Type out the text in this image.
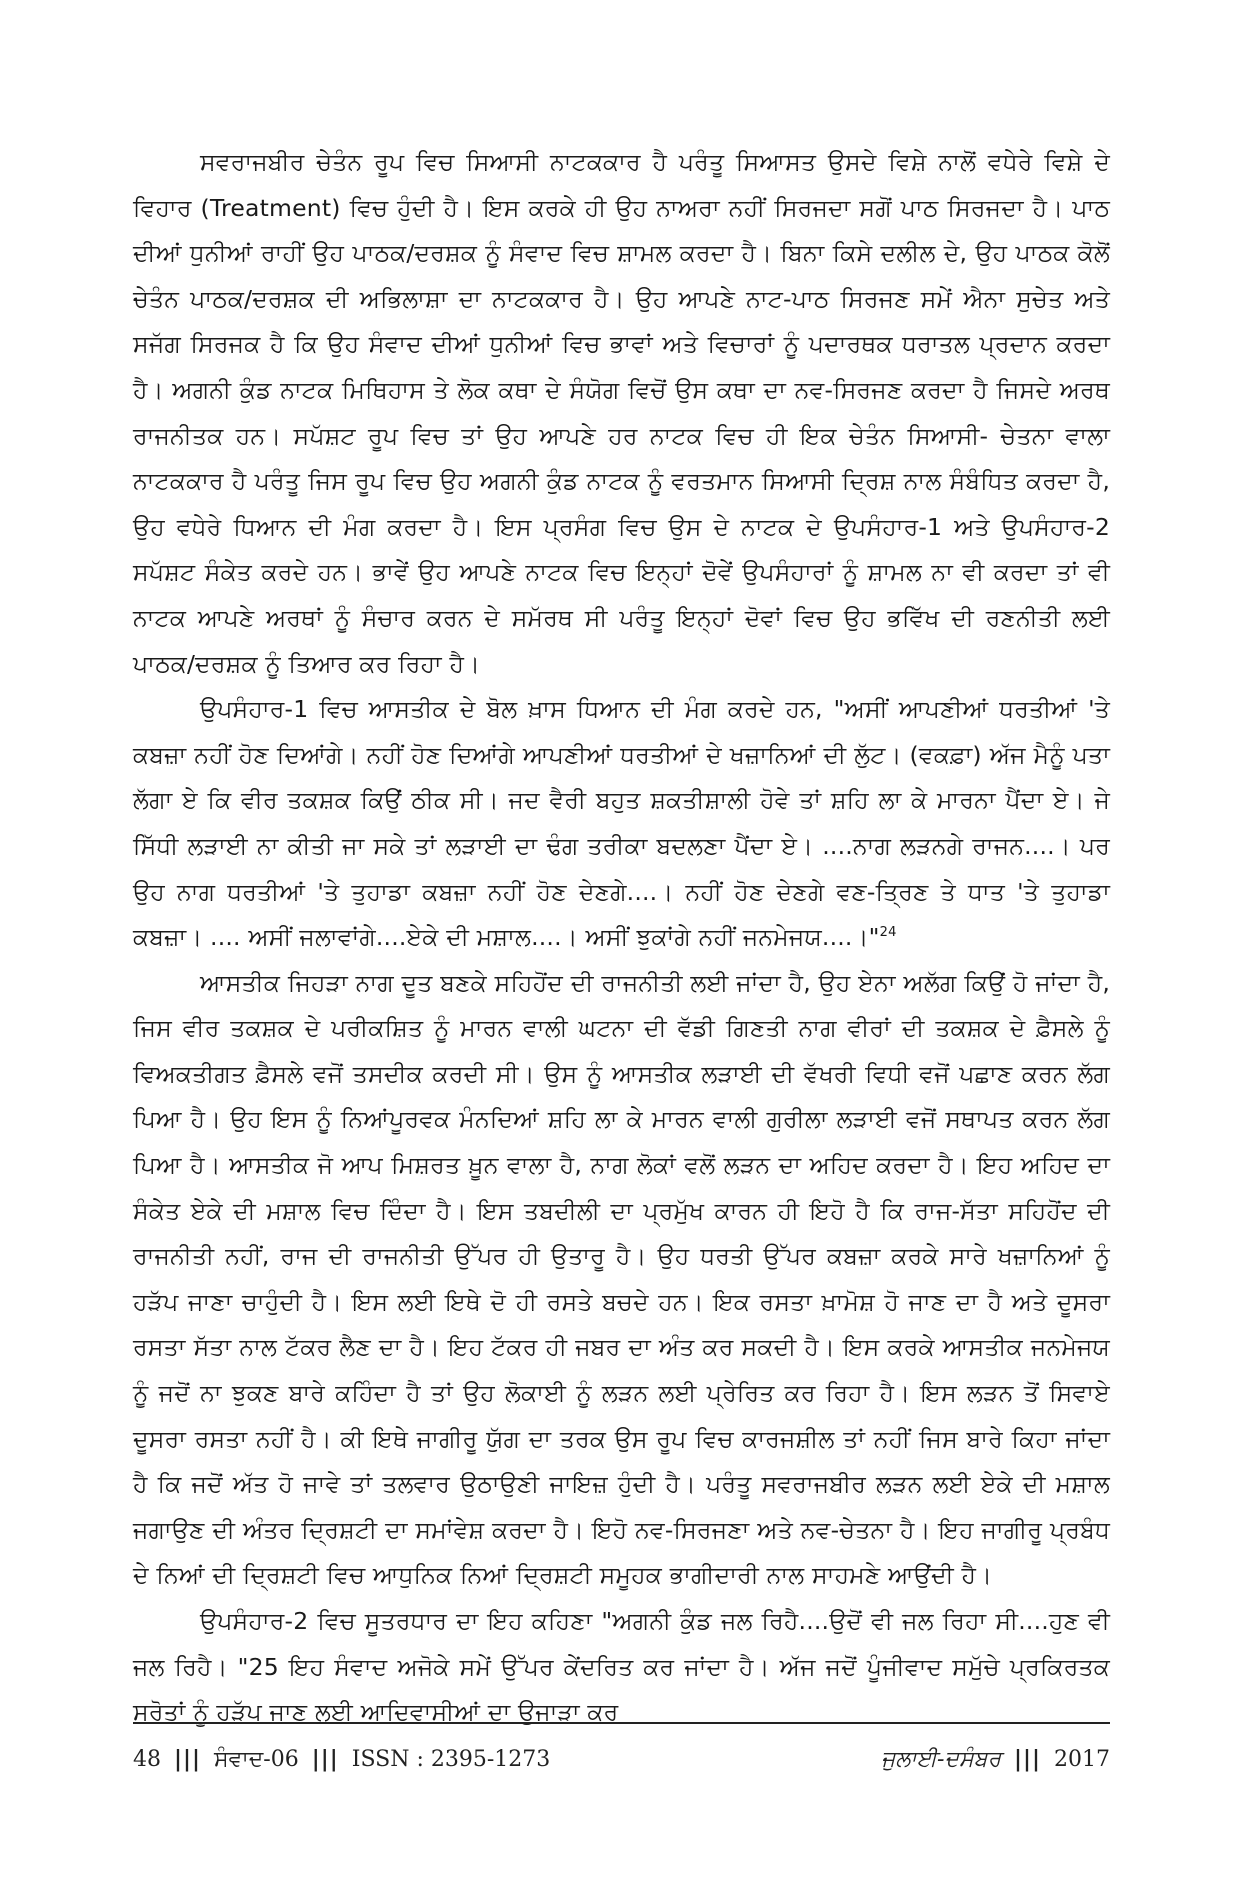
ਸਵਰਾਜਬੀਰ ਚੇਤੰਨ ਰੂਪ ਵਿਚ ਸਿਆਸੀ ਨਾਟਕਕਾਰ ਹੈ ਪਰੰਤੂ ਸਿਆਸਤ ਉਸਦੇ ਵਿਸ਼ੇ ਨਾਲੋਂ ਵਧੇਰੇ ਵਿਸ਼ੇ ਦੇ ਵਿਹਾਰ (Treatment) ਵਿਚ ਹੁੰਦੀ ਹੈ। ਇਸ ਕਰਕੇ ਹੀ ਉਹ ਨਾਅਰਾ ਨਹੀਂ ਸਿਰਜਦਾ ਸਗੋਂ ਪਾਠ ਸਿਰਜਦਾ ਹੈ। ਪਾਠ ਦੀਆਂ ਧੁਨੀਆਂ ਰਾਹੀਂ ਉਹ ਪਾਠਕ/ਦਰਸ਼ਕ ਨੂੰ ਸੰਵਾਦ ਵਿਚ ਸ਼ਾਮਲ ਕਰਦਾ ਹੈ। ਬਿਨਾ ਕਿਸੇ ਦਲੀਲ ਦੇ, ਉਹ ਪਾਠਕ ਕੋਲੋਂ ਚੇਤੰਨ ਪਾਠਕ/ਦਰਸ਼ਕ ਦੀ ਅਭਿਲਾਸ਼ਾ ਦਾ ਨਾਟਕਕਾਰ ਹੈ। ਉਹ ਆਪਣੇ ਨਾਟ-ਪਾਠ ਸਿਰਜਣ ਸਮੇਂ ਐਨਾ ਸੁਚੇਤ ਅਤੇ ਸਜੱਗ ਸਿਰਜਕ ਹੈ ਕਿ ਉਹ ਸੰਵਾਦ ਦੀਆਂ ਧੁਨੀਆਂ ਵਿਚ ਭਾਵਾਂ ਅਤੇ ਵਿਚਾਰਾਂ ਨੂੰ ਪਦਾਰਥਕ ਧਰਾਤਲ ਪ੍ਰਦਾਨ ਕਰਦਾ ਹੈ। ਅਗਨੀ ਕੁੰਡ ਨਾਟਕ ਮਿਥਿਹਾਸ ਤੇ ਲੋਕ ਕਥਾ ਦੇ ਸੰਯੋਗ ਵਿਚੋਂ ਉਸ ਕਥਾ ਦਾ ਨਵ-ਸਿਰਜਣ ਕਰਦਾ ਹੈ ਜਿਸਦੇ ਅਰਥ ਰਾਜਨੀਤਕ ਹਨ। ਸਪੱਸ਼ਟ ਰੂਪ ਵਿਚ ਤਾਂ ਉਹ ਆਪਣੇ ਹਰ ਨਾਟਕ ਵਿਚ ਹੀ ਇਕ ਚੇਤੰਨ ਸਿਆਸੀ- ਚੇਤਨਾ ਵਾਲਾ ਨਾਟਕਕਾਰ ਹੈ ਪਰੰਤੂ ਜਿਸ ਰੂਪ ਵਿਚ ਉਹ ਅਗਨੀ ਕੁੰਡ ਨਾਟਕ ਨੂੰ ਵਰਤਮਾਨ ਸਿਆਸੀ ਦ੍ਰਿਸ਼ ਨਾਲ ਸੰਬੰਧਿਤ ਕਰਦਾ ਹੈ, ਉਹ ਵਧੇਰੇ ਧਿਆਨ ਦੀ ਮੰਗ ਕਰਦਾ ਹੈ। ਇਸ ਪ੍ਰਸੰਗ ਵਿਚ ਉਸ ਦੇ ਨਾਟਕ ਦੇ ਉਪਸੰਹਾਰ-1 ਅਤੇ ਉਪਸੰਹਾਰ-2 ਸਪੱਸ਼ਟ ਸੰਕੇਤ ਕਰਦੇ ਹਨ। ਭਾਵੇਂ ਉਹ ਆਪਣੇ ਨਾਟਕ ਵਿਚ ਇਨ੍ਹਾਂ ਦੋਵੇਂ ਉਪਸੰਹਾਰਾਂ ਨੂੰ ਸ਼ਾਮਲ ਨਾ ਵੀ ਕਰਦਾ ਤਾਂ ਵੀ ਨਾਟਕ ਆਪਣੇ ਅਰਥਾਂ ਨੂੰ ਸੰਚਾਰ ਕਰਨ ਦੇ ਸਮੱਰਥ ਸੀ ਪਰੰਤੂ ਇਨ੍ਹਾਂ ਦੋਵਾਂ ਵਿਚ ਉਹ ਭਵਿੱਖ ਦੀ ਰਣਨੀਤੀ ਲਈ ਪਾਠਕ/ਦਰਸ਼ਕ ਨੂੰ ਤਿਆਰ ਕਰ ਰਿਹਾ ਹੈ।

ਉਪਸੰਹਾਰ-1 ਵਿਚ ਆਸਤੀਕ ਦੇ ਬੋਲ ਖ਼ਾਸ ਧਿਆਨ ਦੀ ਮੰਗ ਕਰਦੇ ਹਨ, "ਅਸੀਂ ਆਪਣੀਆਂ ਧਰਤੀਆਂ 'ਤੇ ਕਬਜ਼ਾ ਨਹੀਂ ਹੋਣ ਦਿਆਂਗੇ। ਨਹੀਂ ਹੋਣ ਦਿਆਂਗੇ ਆਪਣੀਆਂ ਧਰਤੀਆਂ ਦੇ ਖਜ਼ਾਨਿਆਂ ਦੀ ਲੁੱਟ। (ਵਕਫ਼ਾ) ਅੱਜ ਮੈਨੂੰ ਪਤਾ ਲੱਗਾ ਏ ਕਿ ਵੀਰ ਤਕਸ਼ਕ ਕਿਉਂ ਠੀਕ ਸੀ। ਜਦ ਵੈਰੀ ਬਹੁਤ ਸ਼ਕਤੀਸ਼ਾਲੀ ਹੋਵੇ ਤਾਂ ਸ਼ਹਿ ਲਾ ਕੇ ਮਾਰਨਾ ਪੈਂਦਾ ਏ। ਜੇ ਸਿੱਧੀ ਲੜਾਈ ਨਾ ਕੀਤੀ ਜਾ ਸਕੇ ਤਾਂ ਲੜਾਈ ਦਾ ਢੰਗ ਤਰੀਕਾ ਬਦਲਣਾ ਪੈਂਦਾ ਏ। ....ਨਾਗ ਲੜਨਗੇ ਰਾਜਨ....। ਪਰ ਉਹ ਨਾਗ ਧਰਤੀਆਂ 'ਤੇ ਤੁਹਾਡਾ ਕਬਜ਼ਾ ਨਹੀਂ ਹੋਣ ਦੇਣਗੇ....। ਨਹੀਂ ਹੋਣ ਦੇਣਗੇ ਵਣ-ਤ੍ਰਿਣ ਤੇ ਧਾਤ 'ਤੇ ਤੁਹਾਡਾ ਕਬਜ਼ਾ। .... ਅਸੀਂ ਜਲਾਵਾਂਗੇ....ਏਕੇ ਦੀ ਮਸ਼ਾਲ....। ਅਸੀਂ ਝੁਕਾਂਗੇ ਨਹੀਂ ਜਨਮੇਜਯ....।"$^{24}$

ਆਸਤੀਕ ਜਿਹੜਾ ਨਾਗ ਦੂਤ ਬਣਕੇ ਸਹਿਹੋਂਦ ਦੀ ਰਾਜਨੀਤੀ ਲਈ ਜਾਂਦਾ ਹੈ, ਉਹ ਏਨਾ ਅਲੱਗ ਕਿਉਂ ਹੋ ਜਾਂਦਾ ਹੈ, ਜਿਸ ਵੀਰ ਤਕਸ਼ਕ ਦੇ ਪਰੀਕਸ਼ਿਤ ਨੂੰ ਮਾਰਨ ਵਾਲੀ ਘਟਨਾ ਦੀ ਵੱਡੀ ਗਿਣਤੀ ਨਾਗ ਵੀਰਾਂ ਦੀ ਤਕਸ਼ਕ ਦੇ ਫ਼ੈਸਲੇ ਨੂੰ ਵਿਅਕਤੀਗਤ ਫ਼ੈਸਲੇ ਵਜੋਂ ਤਸਦੀਕ ਕਰਦੀ ਸੀ। ਉਸ ਨੂੰ ਆਸਤੀਕ ਲੜਾਈ ਦੀ ਵੱਖਰੀ ਵਿਧੀ ਵਜੋਂ ਪਛਾਣ ਕਰਨ ਲੱਗ ਪਿਆ ਹੈ। ਉਹ ਇਸ ਨੂੰ ਨਿਆਂਪੂਰਵਕ ਮੰਨਦਿਆਂ ਸ਼ਹਿ ਲਾ ਕੇ ਮਾਰਨ ਵਾਲੀ ਗੁਰੀਲਾ ਲੜਾਈ ਵਜੋਂ ਸਥਾਪਤ ਕਰਨ ਲੱਗ ਪਿਆ ਹੈ। ਆਸਤੀਕ ਜੋ ਆਪ ਮਿਸ਼ਰਤ ਖ਼ੂਨ ਵਾਲਾ ਹੈ, ਨਾਗ ਲੋਕਾਂ ਵਲੋਂ ਲੜਨ ਦਾ ਅਹਿਦ ਕਰਦਾ ਹੈ। ਇਹ ਅਹਿਦ ਦਾ ਸੰਕੇਤ ਏਕੇ ਦੀ ਮਸ਼ਾਲ ਵਿਚ ਦਿੰਦਾ ਹੈ। ਇਸ ਤਬਦੀਲੀ ਦਾ ਪ੍ਰਮੁੱਖ ਕਾਰਨ ਹੀ ਇਹੋ ਹੈ ਕਿ ਰਾਜ-ਸੱਤਾ ਸਹਿਹੋਂਦ ਦੀ ਰਾਜਨੀਤੀ ਨਹੀਂ, ਰਾਜ ਦੀ ਰਾਜਨੀਤੀ ਉੱਪਰ ਹੀ ਉਤਾਰੂ ਹੈ। ਉਹ ਧਰਤੀ ਉੱਪਰ ਕਬਜ਼ਾ ਕਰਕੇ ਸਾਰੇ ਖਜ਼ਾਨਿਆਂ ਨੂੰ ਹੜੱਪ ਜਾਣਾ ਚਾਹੁੰਦੀ ਹੈ। ਇਸ ਲਈ ਇਥੇ ਦੋ ਹੀ ਰਸਤੇ ਬਚਦੇ ਹਨ। ਇਕ ਰਸਤਾ ਖ਼ਾਮੋਸ਼ ਹੋ ਜਾਣ ਦਾ ਹੈ ਅਤੇ ਦੂਸਰਾ ਰਸਤਾ ਸੱਤਾ ਨਾਲ ਟੱਕਰ ਲੈਣ ਦਾ ਹੈ। ਇਹ ਟੱਕਰ ਹੀ ਜਬਰ ਦਾ ਅੰਤ ਕਰ ਸਕਦੀ ਹੈ। ਇਸ ਕਰਕੇ ਆਸਤੀਕ ਜਨਮੇਜਯ ਨੂੰ ਜਦੋਂ ਨਾ ਝੁਕਣ ਬਾਰੇ ਕਹਿੰਦਾ ਹੈ ਤਾਂ ਉਹ ਲੋਕਾਈ ਨੂੰ ਲੜਨ ਲਈ ਪ੍ਰੇਰਿਤ ਕਰ ਰਿਹਾ ਹੈ। ਇਸ ਲੜਨ ਤੋਂ ਸਿਵਾਏ ਦੂਸਰਾ ਰਸਤਾ ਨਹੀਂ ਹੈ। ਕੀ ਇਥੇ ਜਾਗੀਰੂ ਯੁੱਗ ਦਾ ਤਰਕ ਉਸ ਰੂਪ ਵਿਚ ਕਾਰਜਸ਼ੀਲ ਤਾਂ ਨਹੀਂ ਜਿਸ ਬਾਰੇ ਕਿਹਾ ਜਾਂਦਾ ਹੈ ਕਿ ਜਦੋਂ ਅੱਤ ਹੋ ਜਾਵੇ ਤਾਂ ਤਲਵਾਰ ਉਠਾਉਣੀ ਜਾਇਜ਼ ਹੁੰਦੀ ਹੈ। ਪਰੰਤੂ ਸਵਰਾਜਬੀਰ ਲੜਨ ਲਈ ਏਕੇ ਦੀ ਮਸ਼ਾਲ ਜਗਾਉਣ ਦੀ ਅੰਤਰ ਦ੍ਰਿਸ਼ਟੀ ਦਾ ਸਮਾਂਵੇਸ਼ ਕਰਦਾ ਹੈ। ਇਹੋ ਨਵ-ਸਿਰਜਣਾ ਅਤੇ ਨਵ-ਚੇਤਨਾ ਹੈ। ਇਹ ਜਾਗੀਰੂ ਪ੍ਰਬੰਧ ਦੇ ਨਿਆਂ ਦੀ ਦ੍ਰਿਸ਼ਟੀ ਵਿਚ ਆਧੁਨਿਕ ਨਿਆਂ ਦ੍ਰਿਸ਼ਟੀ ਸਮੂਹਕ ਭਾਗੀਦਾਰੀ ਨਾਲ ਸਾਹਮਣੇ ਆਉਂਦੀ ਹੈ।

ਉਪਸੰਹਾਰ-2 ਵਿਚ ਸੂਤਰਧਾਰ ਦਾ ਇਹ ਕਹਿਣਾ "ਅਗਨੀ ਕੁੰਡ ਜਲ ਰਿਹੈ....ਉਦੋਂ ਵੀ ਜਲ ਰਿਹਾ ਸੀ....ਹੁਣ ਵੀ ਜਲ ਰਿਹੈ। "25 ਇਹ ਸੰਵਾਦ ਅਜੋਕੇ ਸਮੇਂ ਉੱਪਰ ਕੇਂਦਰਿਤ ਕਰ ਜਾਂਦਾ ਹੈ। ਅੱਜ ਜਦੋਂ ਪੂੰਜੀਵਾਦ ਸਮੁੱਚੇ ਪ੍ਰਕਿਰਤਕ ਸਰੋਤਾਂ ਨੂੰ ਹੜੱਪ ਜਾਣ ਲਈ ਆਦਿਵਾਸੀਆਂ ਦਾ ਉਜਾੜਾ ਕਰ

48 ||| ਸੰਵਾਦ-06 ||| ISSN : 2395-1273	ਜੁਲਾਈ-ਦਸੰਬਰ ||| 2017
